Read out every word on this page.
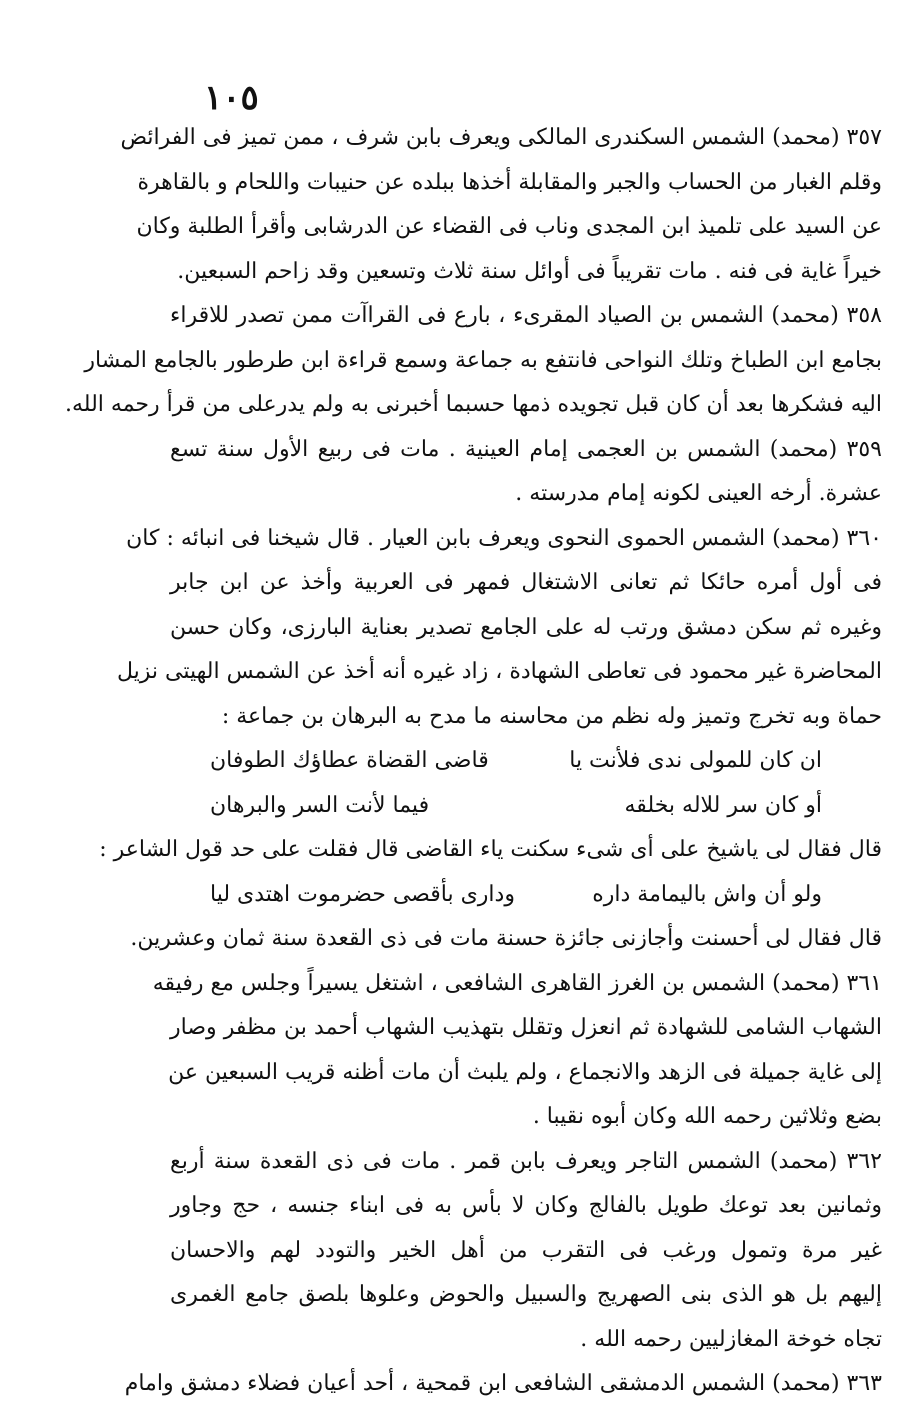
١٠٥
٣٥٧ (محمد) الشمس السكندرى المالكى ويعرف بابن شرف ، ممن تميز فى الفرائض
وقلم الغبار من الحساب والجبر والمقابلة أخذها ببلده عن حنيبات واللحام و بالقاهرة
عن السيد على تلميذ ابن المجدى وناب فى القضاء عن الدرشابى وأقرأ الطلبة وكان
خيراً غاية فى فنه . مات تقريباً فى أوائل سنة ثلاث وتسعين وقد زاحم السبعين.
٣٥٨ (محمد) الشمس بن الصياد المقرىء ، بارع فى القراآت ممن تصدر للاقراء
بجامع ابن الطباخ وتلك النواحى فانتفع به جماعة وسمع قراءة ابن طرطور بالجامع المشار
اليه فشكرها بعد أن كان قبل تجويده ذمها حسبما أخبرنى به ولم يدرعلى من قرأ رحمه الله.
٣٥٩ (محمد) الشمس بن العجمى إمام العينية . مات فى ربيع الأول سنة تسع
عشرة. أرخه العينى لكونه إمام مدرسته .
٣٦٠ (محمد) الشمس الحموى النحوى ويعرف بابن العيار . قال شيخنا فى انبائه : كان
فى أول أمره حائكا ثم تعانى الاشتغال فمهر فى العربية وأخذ عن ابن جابر
وغيره ثم سكن دمشق ورتب له على الجامع تصدير بعناية البارزى، وكان حسن
المحاضرة غير محمود فى تعاطى الشهادة ، زاد غيره أنه أخذ عن الشمس الهيتى نزيل
حماة وبه تخرج وتميز وله نظم من محاسنه ما مدح به البرهان بن جماعة :
ان كان للمولى ندى فلأنت يا
قاضى القضاة عطاؤك الطوفان
أو كان سر للاله بخلقه
فيما لأنت السر والبرهان
قال فقال لى ياشيخ على أى شىء سكنت ياء القاضى قال فقلت على حد قول الشاعر :
ولو أن واش باليمامة داره
ودارى بأقصى حضرموت اهتدى ليا
قال فقال لى أحسنت وأجازنى جائزة حسنة مات فى ذى القعدة سنة ثمان وعشرين.
٣٦١ (محمد) الشمس بن الغرز القاهرى الشافعى ، اشتغل يسيراً وجلس مع رفيقه
الشهاب الشامى للشهادة ثم انعزل وتقلل بتهذيب الشهاب أحمد بن مظفر وصار
إلى غاية جميلة فى الزهد والانجماع ، ولم يلبث أن مات أظنه قريب السبعين عن
بضع وثلاثين رحمه الله وكان أبوه نقيبا .
٣٦٢ (محمد) الشمس التاجر ويعرف بابن قمر . مات فى ذى القعدة سنة أربع
وثمانين بعد توعك طويل بالفالج وكان لا بأس به فى ابناء جنسه ، حج وجاور
غير مرة وتمول ورغب فى التقرب من أهل الخير والتودد لهم والاحسان
إليهم بل هو الذى بنى الصهريج والسبيل والحوض وعلوها بلصق جامع الغمرى
تجاه خوخة المغازليين رحمه الله .
٣٦٣ (محمد) الشمس الدمشقى الشافعى ابن قمحية ، أحد أعيان فضلاء دمشق وامام
